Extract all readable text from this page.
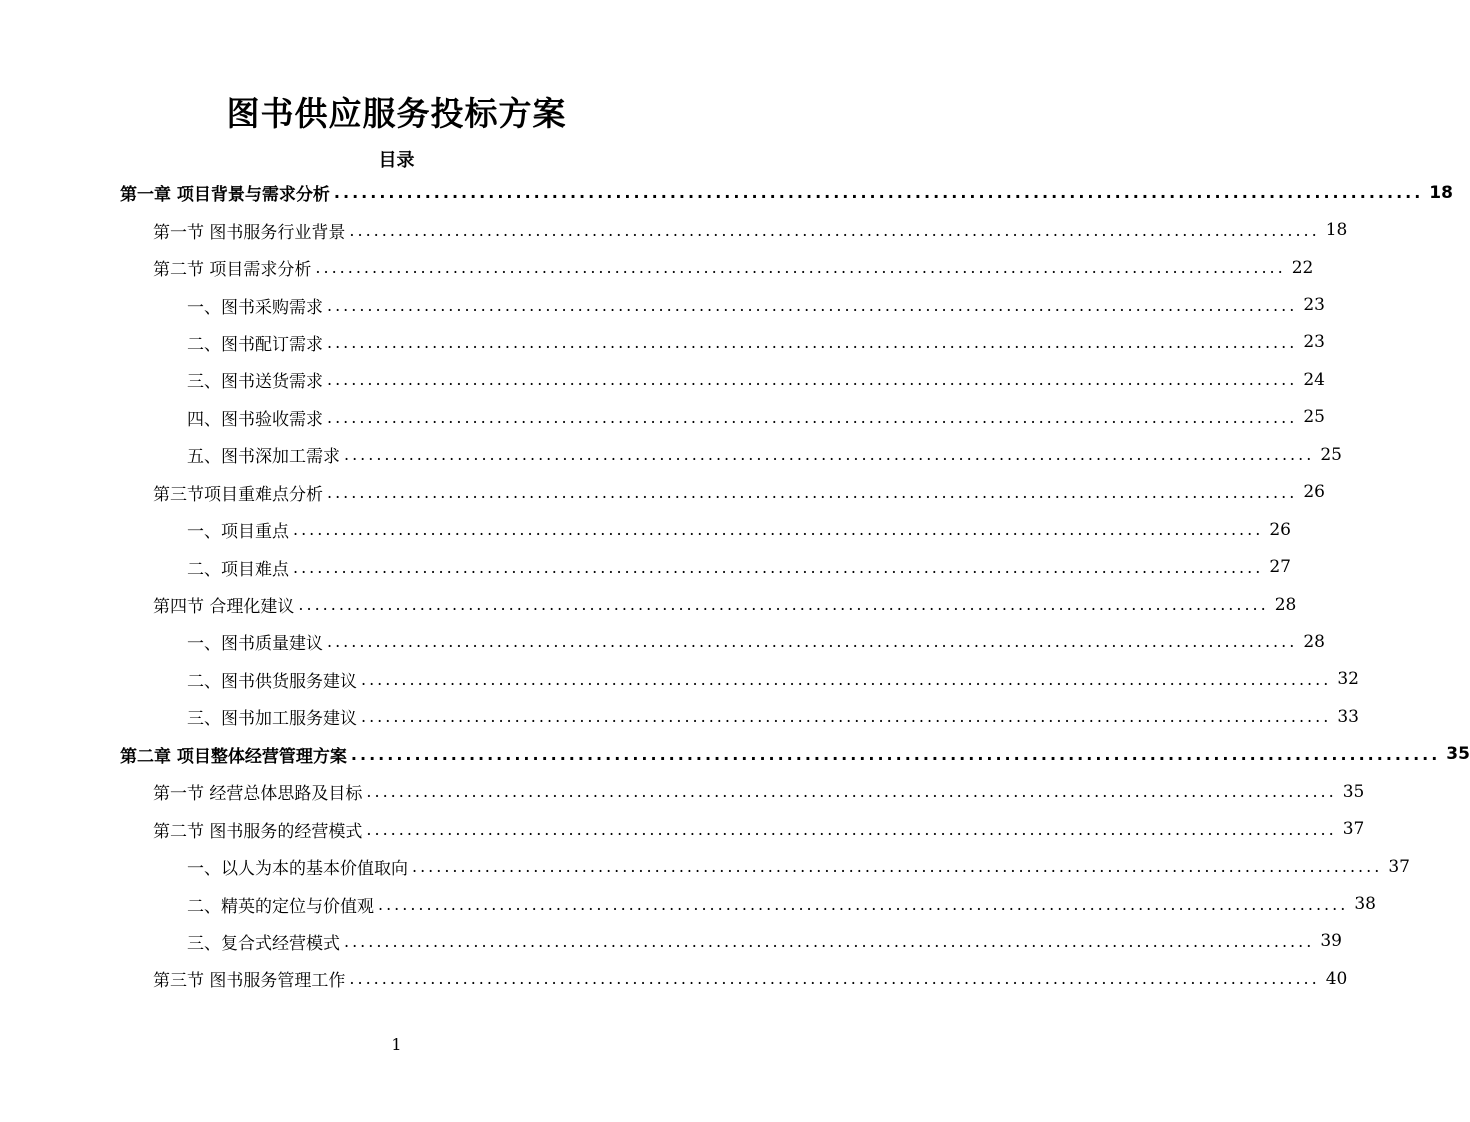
图书供应服务投标方案
目录
第一章 项目背景与需求分析 ........................................................................................................................ 18
第一节 图书服务行业背景 ........................................................................................................................ 18
第二节 项目需求分析 ........................................................................................................................ 22
一、图书采购需求 ........................................................................................................................ 23
二、图书配订需求 ........................................................................................................................ 23
三、图书送货需求 ........................................................................................................................ 24
四、图书验收需求 ........................................................................................................................ 25
五、图书深加工需求 ........................................................................................................................ 25
第三节项目重难点分析 ........................................................................................................................ 26
一、项目重点 ........................................................................................................................ 26
二、项目难点 ........................................................................................................................ 27
第四节 合理化建议 ........................................................................................................................ 28
一、图书质量建议 ........................................................................................................................ 28
二、图书供货服务建议 ........................................................................................................................ 32
三、图书加工服务建议 ........................................................................................................................ 33
第二章 项目整体经营管理方案 ........................................................................................................................ 35
第一节 经营总体思路及目标 ........................................................................................................................ 35
第二节 图书服务的经营模式 ........................................................................................................................ 37
一、以人为本的基本价值取向 ........................................................................................................................ 37
二、精英的定位与价值观 ........................................................................................................................ 38
三、复合式经营模式 ........................................................................................................................ 39
第三节 图书服务管理工作 ........................................................................................................................ 40
1
